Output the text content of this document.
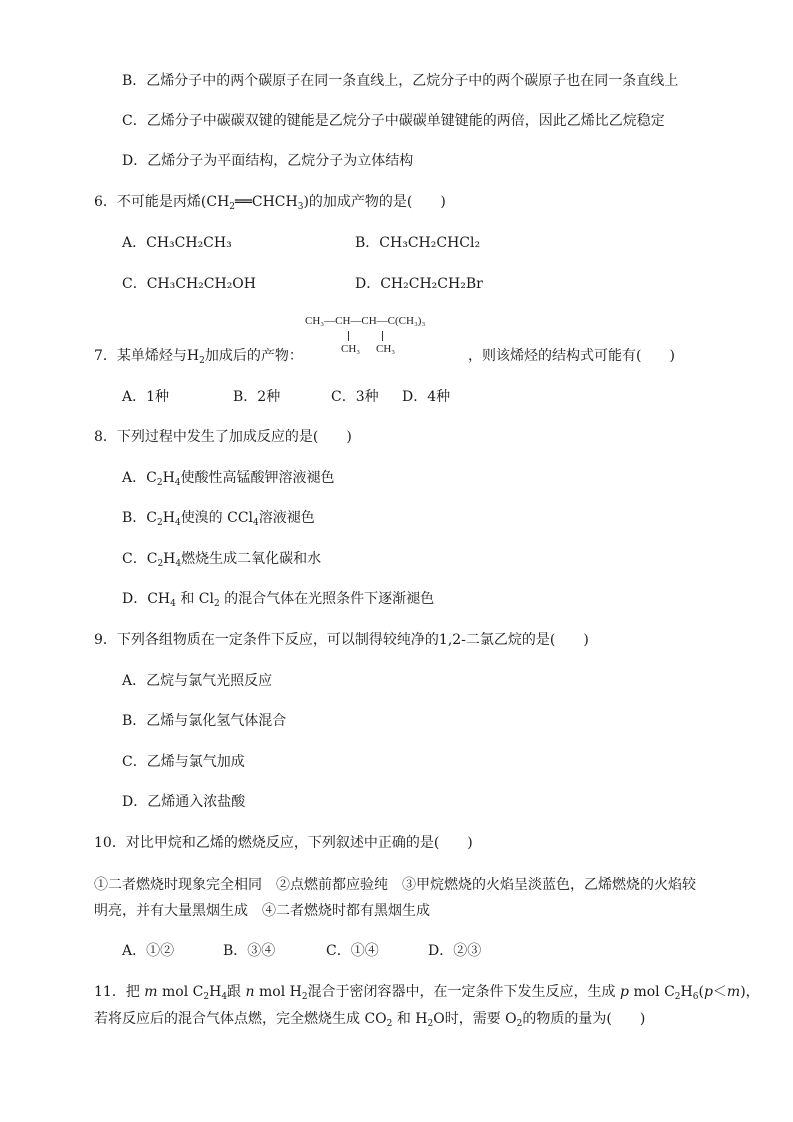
B．乙烯分子中的两个碳原子在同一条直线上，乙烷分子中的两个碳原子也在同一条直线上
C．乙烯分子中碳碳双键的键能是乙烷分子中碳碳单键键能的两倍，因此乙烯比乙烷稳定
D．乙烯分子为平面结构，乙烷分子为立体结构
6．不可能是丙烯$(CH_2══CHCH_3)$的加成产物的是(　　)
A．CH₃CH₂CH₃	B．CH₃CH₂CHCl₂
C．CH₃CH₂CH₂OH	D．CH₂CH₂CH₂Br
CH₃—CH—CH—C(CH₃)₃
CH₃ CH₃
7．某单烯烃与$H_2$加成后的产物：	，则该烯烃的结构式可能有(　　)
A．1种	B．2种	C．3种 D．4种
8．下列过程中发生了加成反应的是(　　)
A．$C_2H_4$使酸性高锰酸钾溶液褪色
B．$C_2H_4$使溴的 CCl$_4$溶液褪色
C．$C_2H_4$燃烧生成二氧化碳和水
D．$CH_4$ 和 $Cl_2$ 的混合气体在光照条件下逐渐褪色
9．下列各组物质在一定条件下反应，可以制得较纯净的1,2-二氯乙烷的是(　　)
A．乙烷与氯气光照反应
B．乙烯与氯化氢气体混合
C．乙烯与氯气加成
D．乙烯通入浓盐酸
10．对比甲烷和乙烯的燃烧反应，下列叙述中正确的是(　　)
①二者燃烧时现象完全相同　②点燃前都应验纯　③甲烷燃烧的火焰呈淡蓝色，乙烯燃烧的火焰较
明亮，并有大量黑烟生成　④二者燃烧时都有黑烟生成
A．①②	B．③④	C．①④	D．②③
11．把 m mol $C_2H_4$跟 n mol $H_2$混合于密闭容器中，在一定条件下发生反应，生成 p mol $C_2H_6(p<m)$，
若将反应后的混合气体点燃，完全燃烧生成 $CO_2$ 和 $H_2O$时，需要 $O_2$的物质的量为(　　)
